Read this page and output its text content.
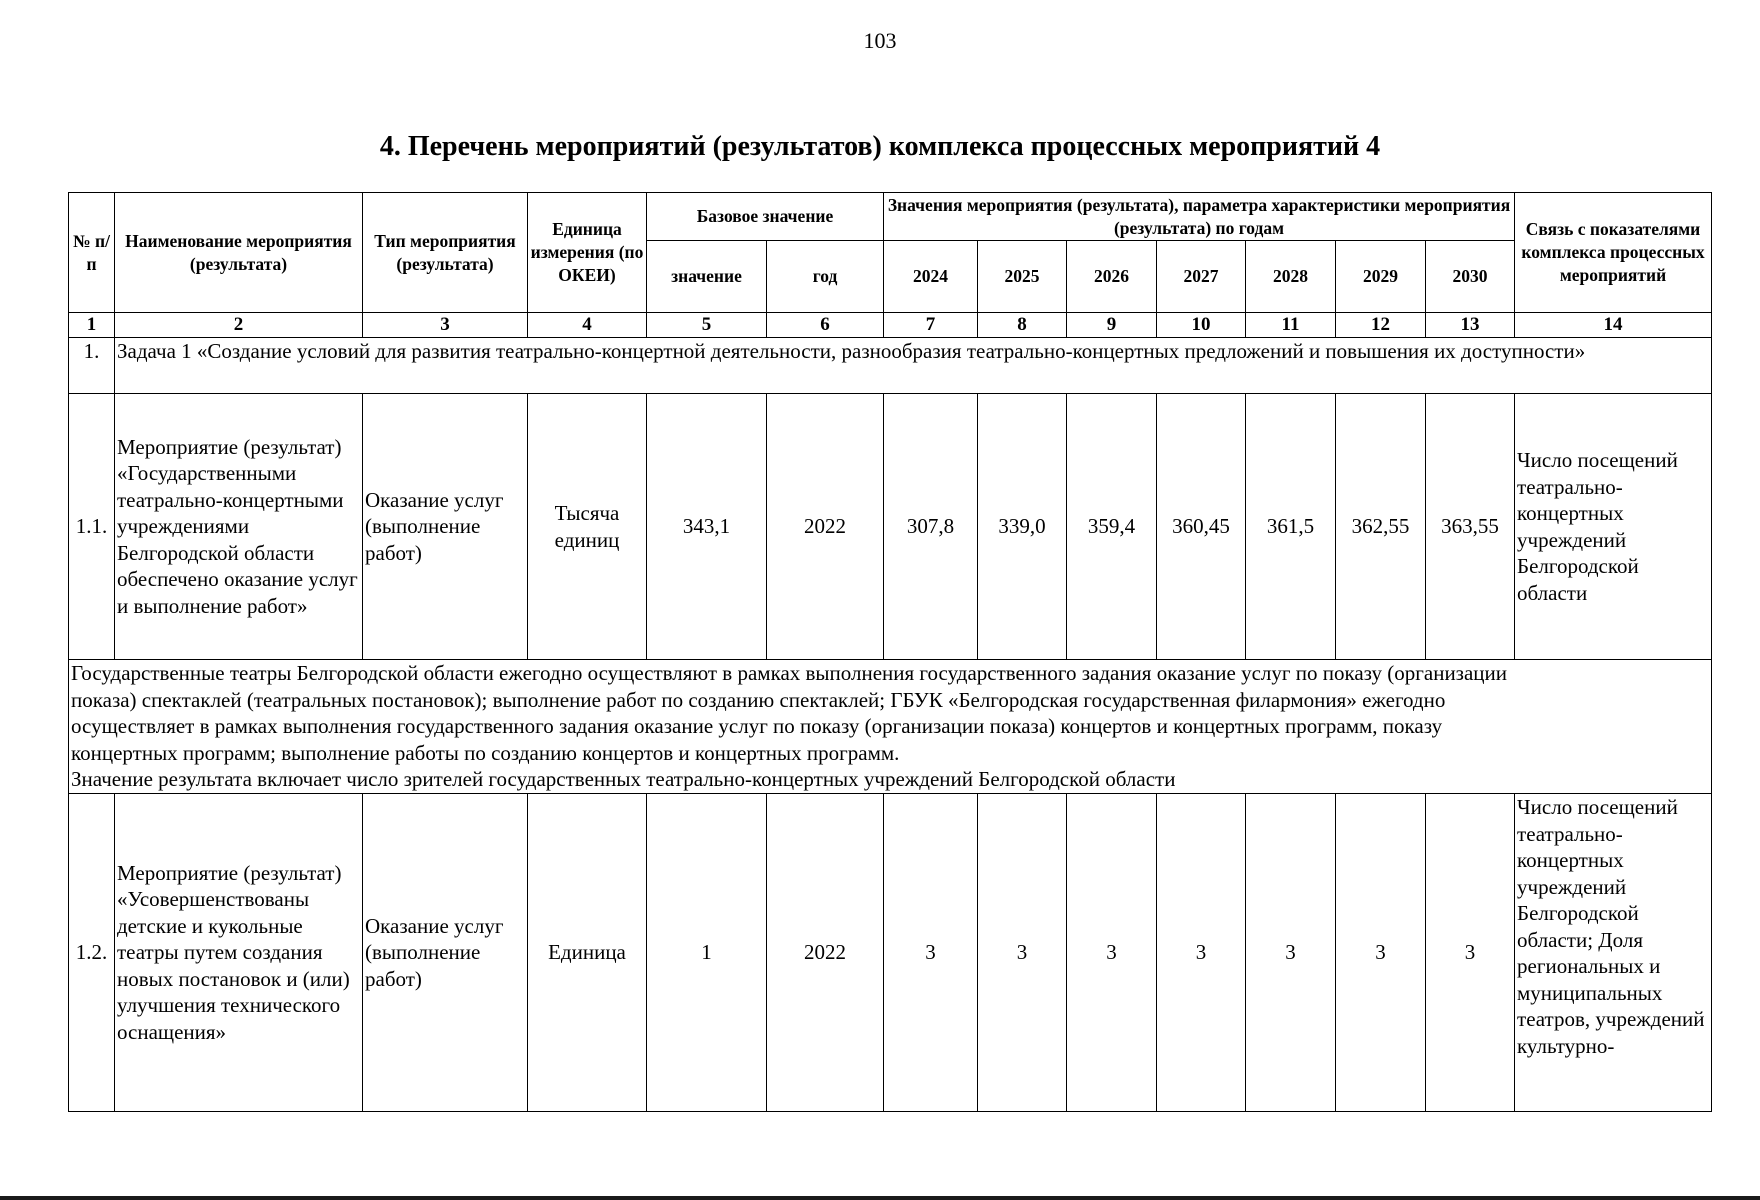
103
4. Перечень мероприятий (результатов) комплекса процессных мероприятий 4
№ п/п	Наименование мероприятия (результата)	Тип мероприятия (результата)	Единица измерения (по ОКЕИ)	Базовое значение		Значения мероприятия (результата), параметра характеристики мероприятия (результата) по годам							Связь с показателями комплекса процессных мероприятий
				значение	год	2024	2025	2026	2027	2028	2029	2030	
1	2	3	4	5	6	7	8	9	10	11	12	13	14
1.	Задача 1 «Создание условий для развития театрально-концертной деятельности, разнообразия театрально-концертных предложений и повышения их доступности»												
1.1.	Мероприятие (результат) «Государственными театрально-концертными учреждениями Белгородской области обеспечено оказание услуг и выполнение работ»	Оказание услуг (выполнение работ)	Тысяча единиц	343,1	2022	307,8	339,0	359,4	360,45	361,5	362,55	363,55	Число посещений театрально-концертных учреждений Белгородской области

Государственные театры Белгородской области ежегодно осуществляют в рамках выполнения государственного задания оказание услуг по показу (организации
показа) спектаклей (театральных постановок); выполнение работ по созданию спектаклей; ГБУК «Белгородская государственная филармония» ежегодно
осуществляет в рамках выполнения государственного задания оказание услуг по показу (организации показа) концертов и концертных программ, показу
концертных программ; выполнение работы по созданию концертов и концертных программ.
Значение результата включает число зрителей государственных театрально-концертных учреждений Белгородской области													

1.2.	Мероприятие (результат) «Усовершенствованы детские и кукольные театры путем создания новых постановок и (или) улучшения технического оснащения»	Оказание услуг (выполнение работ)	Единица	1	2022	3	3	3	3	3	3	3	Число посещений театрально-концертных учреждений Белгородской области; Доля региональных и муниципальных театров, учреждений культурно-
